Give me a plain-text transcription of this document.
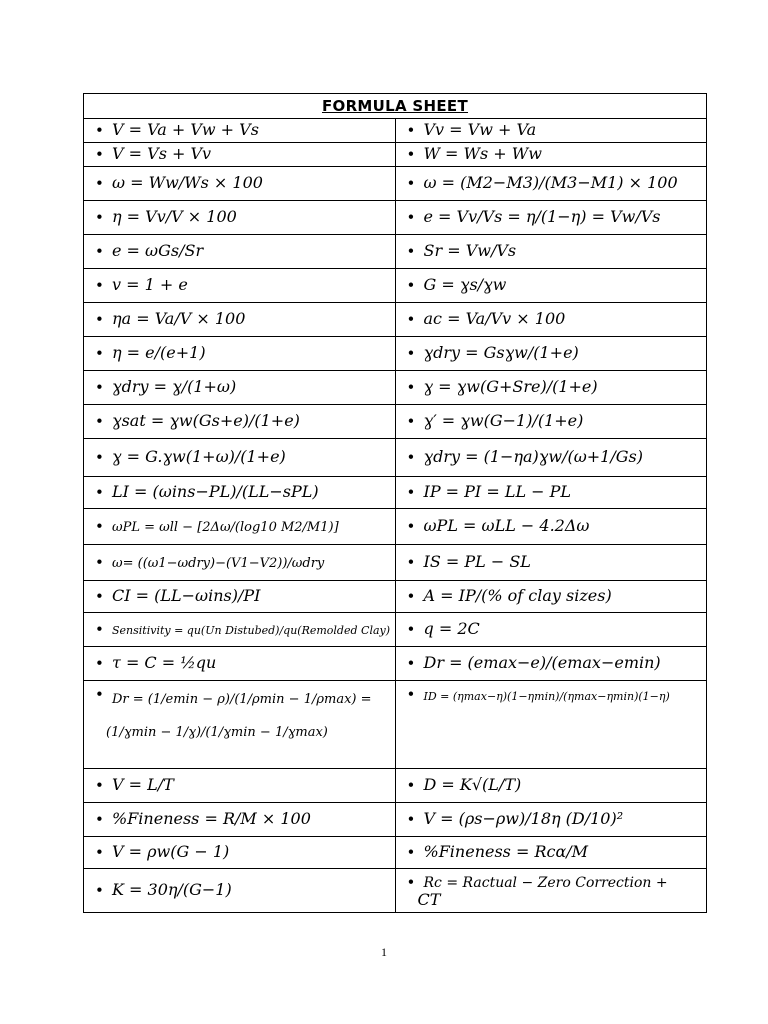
FORMULA SHEET	
• V = Va + Vw + Vs	• Vv = Vw + Va
• V = Vs + Vv	• W = Ws + Ww
• ω = Ww/Ws × 100	• ω = (M2−M3)/(M3−M1) × 100
• η = Vv/V × 100	• e = Vv/Vs = η/(1−η) = Vw/Vs
• e = ωGs/Sr	• Sr = Vw/Vs
• v = 1 + e	• G = ɣs/ɣw
• ηa = Va/V × 100	• ac = Va/Vv × 100
• η = e/(e+1)	• ɣdry = Gsɣw/(1+e)
• ɣdry = ɣ/(1+ω)	• ɣ = ɣw(G+Sre)/(1+e)
• ɣsat = ɣw(Gs+e)/(1+e)	• ɣ′ = ɣw(G−1)/(1+e)
• ɣ = G.ɣw(1+ω)/(1+e)	• ɣdry = (1−ηa)ɣw/(ω+1/Gs)
• LI = (ωins−PL)/(LL−sPL)	• IP = PI = LL − PL
• ωPL = ωll − [2Δω/(log10 M2/M1)]	• ωPL = ωLL − 4.2Δω
• ω= ((ω1−ωdry)−(V1−V2))/ωdry	• IS = PL − SL
• CI = (LL−ωins)/PI	• A = IP/(% of clay sizes)
• Sensitivity = qu(Un Distubed)/qu(Remolded Clay)	• q = 2C
• τ = C = ½qu	• Dr = (emax−e)/(emax−emin)

• Dr = (1/emin − ρ)/(1/ρmin − 1/ρmax) =
(1/ɣmin − 1/ɣ)/(1/ɣmin − 1/ɣmax)	• ID = (ηmax−η)(1−ηmin)/(ηmax−ηmin)(1−η)
• V = L/T	• D = K√(L/T)
• %Fineness = R/M × 100	• V = (ρs−ρw)/18η (D/10)²
• V = ρw(G − 1)	• %Fineness = Rcα/M
• K = 30η/(G−1)	• Rc = Ractual − Zero Correction +
CT
1
